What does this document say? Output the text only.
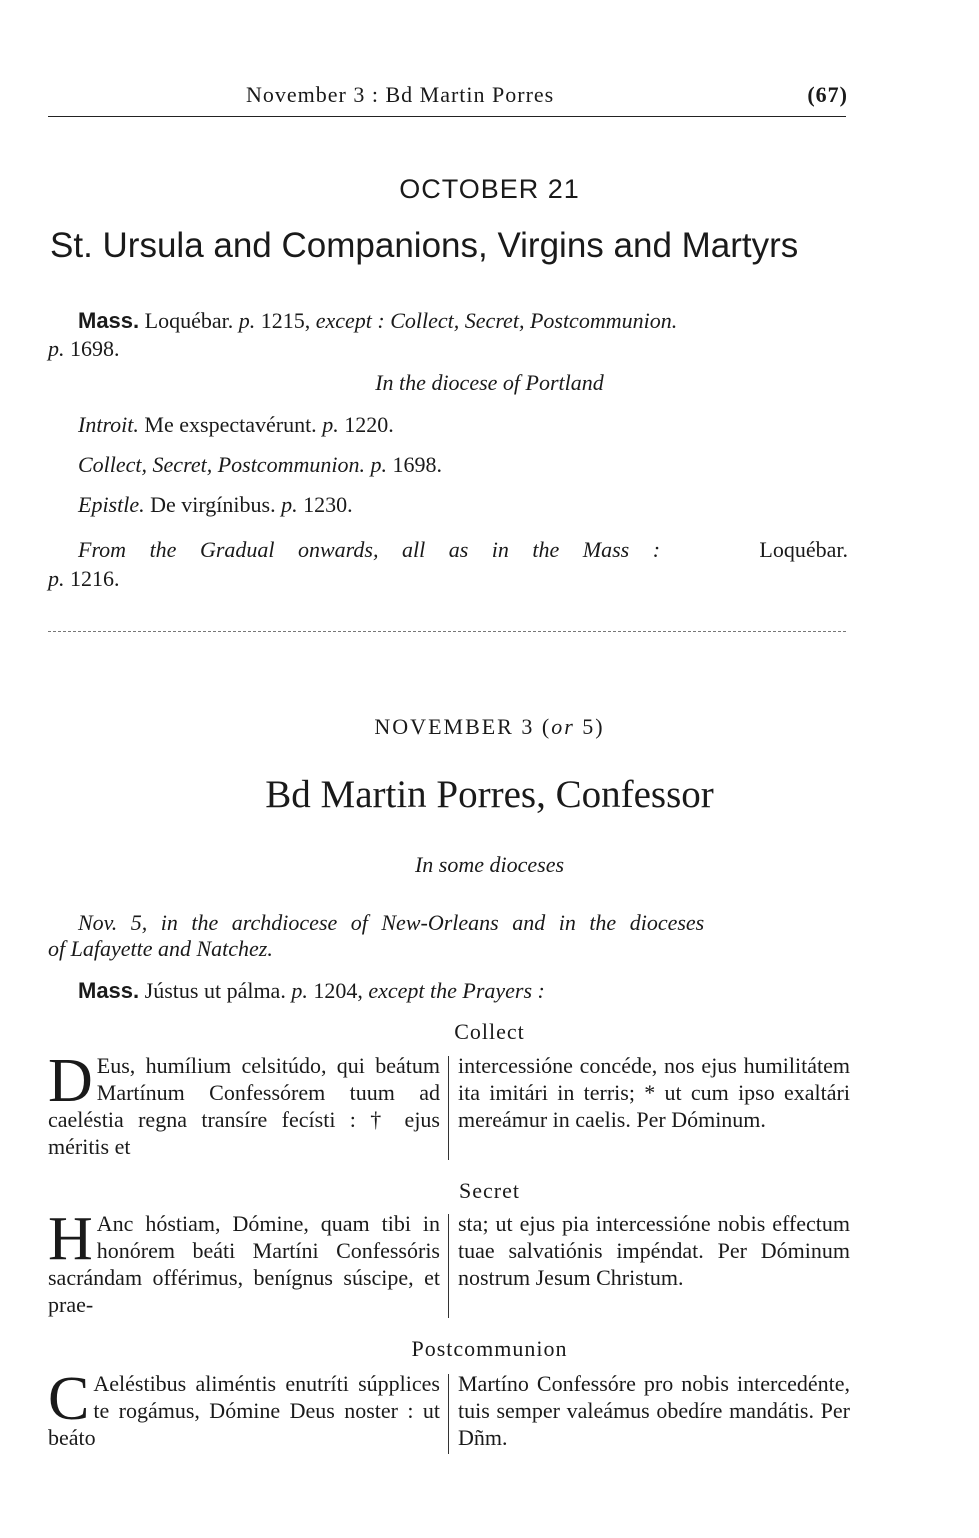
November 3 : Bd Martin Porres	(67)
OCTOBER 21
St. Ursula and Companions, Virgins and Martyrs
Mass. Loquébar. p. 1215, except : Collect, Secret, Postcommunion.
p. 1698.
In the diocese of Portland
Introit. Me exspectavérunt. p. 1220.
Collect, Secret, Postcommunion. p. 1698.
Epistle. De virgínibus. p. 1230.
From the Gradual onwards, all as in the Mass :	Loquébar.
p. 1216.
NOVEMBER 3 (or 5)
Bd Martin Porres, Confessor
In some dioceses
Nov. 5, in the archdiocese of New-Orleans and in the dioceses
of Lafayette and Natchez.
Mass. Jústus ut pálma. p. 1204, except the Prayers :
Collect

D Eus, humílium celsitúdo, qui beátum Martínum Confessórem tuum ad caeléstia regna transíre fecísti : † ejus méritis et

intercessióne concéde, nos ejus humilitátem ita imitári in terris; * ut cum ipso exaltári mereámur in caelis. Per Dóminum.

Secret

H Anc hóstiam, Dómine, quam tibi in honórem beáti Martíni Confessóris sacrándam offérimus, benígnus súscipe, et prae-

sta; ut ejus pia intercessióne nobis effectum tuae salvatiónis impéndat. Per Dóminum nostrum Jesum Christum.

Postcommunion

C Aeléstibus aliméntis enutríti súpplices te rogámus, Dómine Deus noster : ut beáto

Martíno Confessóre pro nobis intercedénte, tuis semper valeámus obedíre mandátis. Per Dñm.
